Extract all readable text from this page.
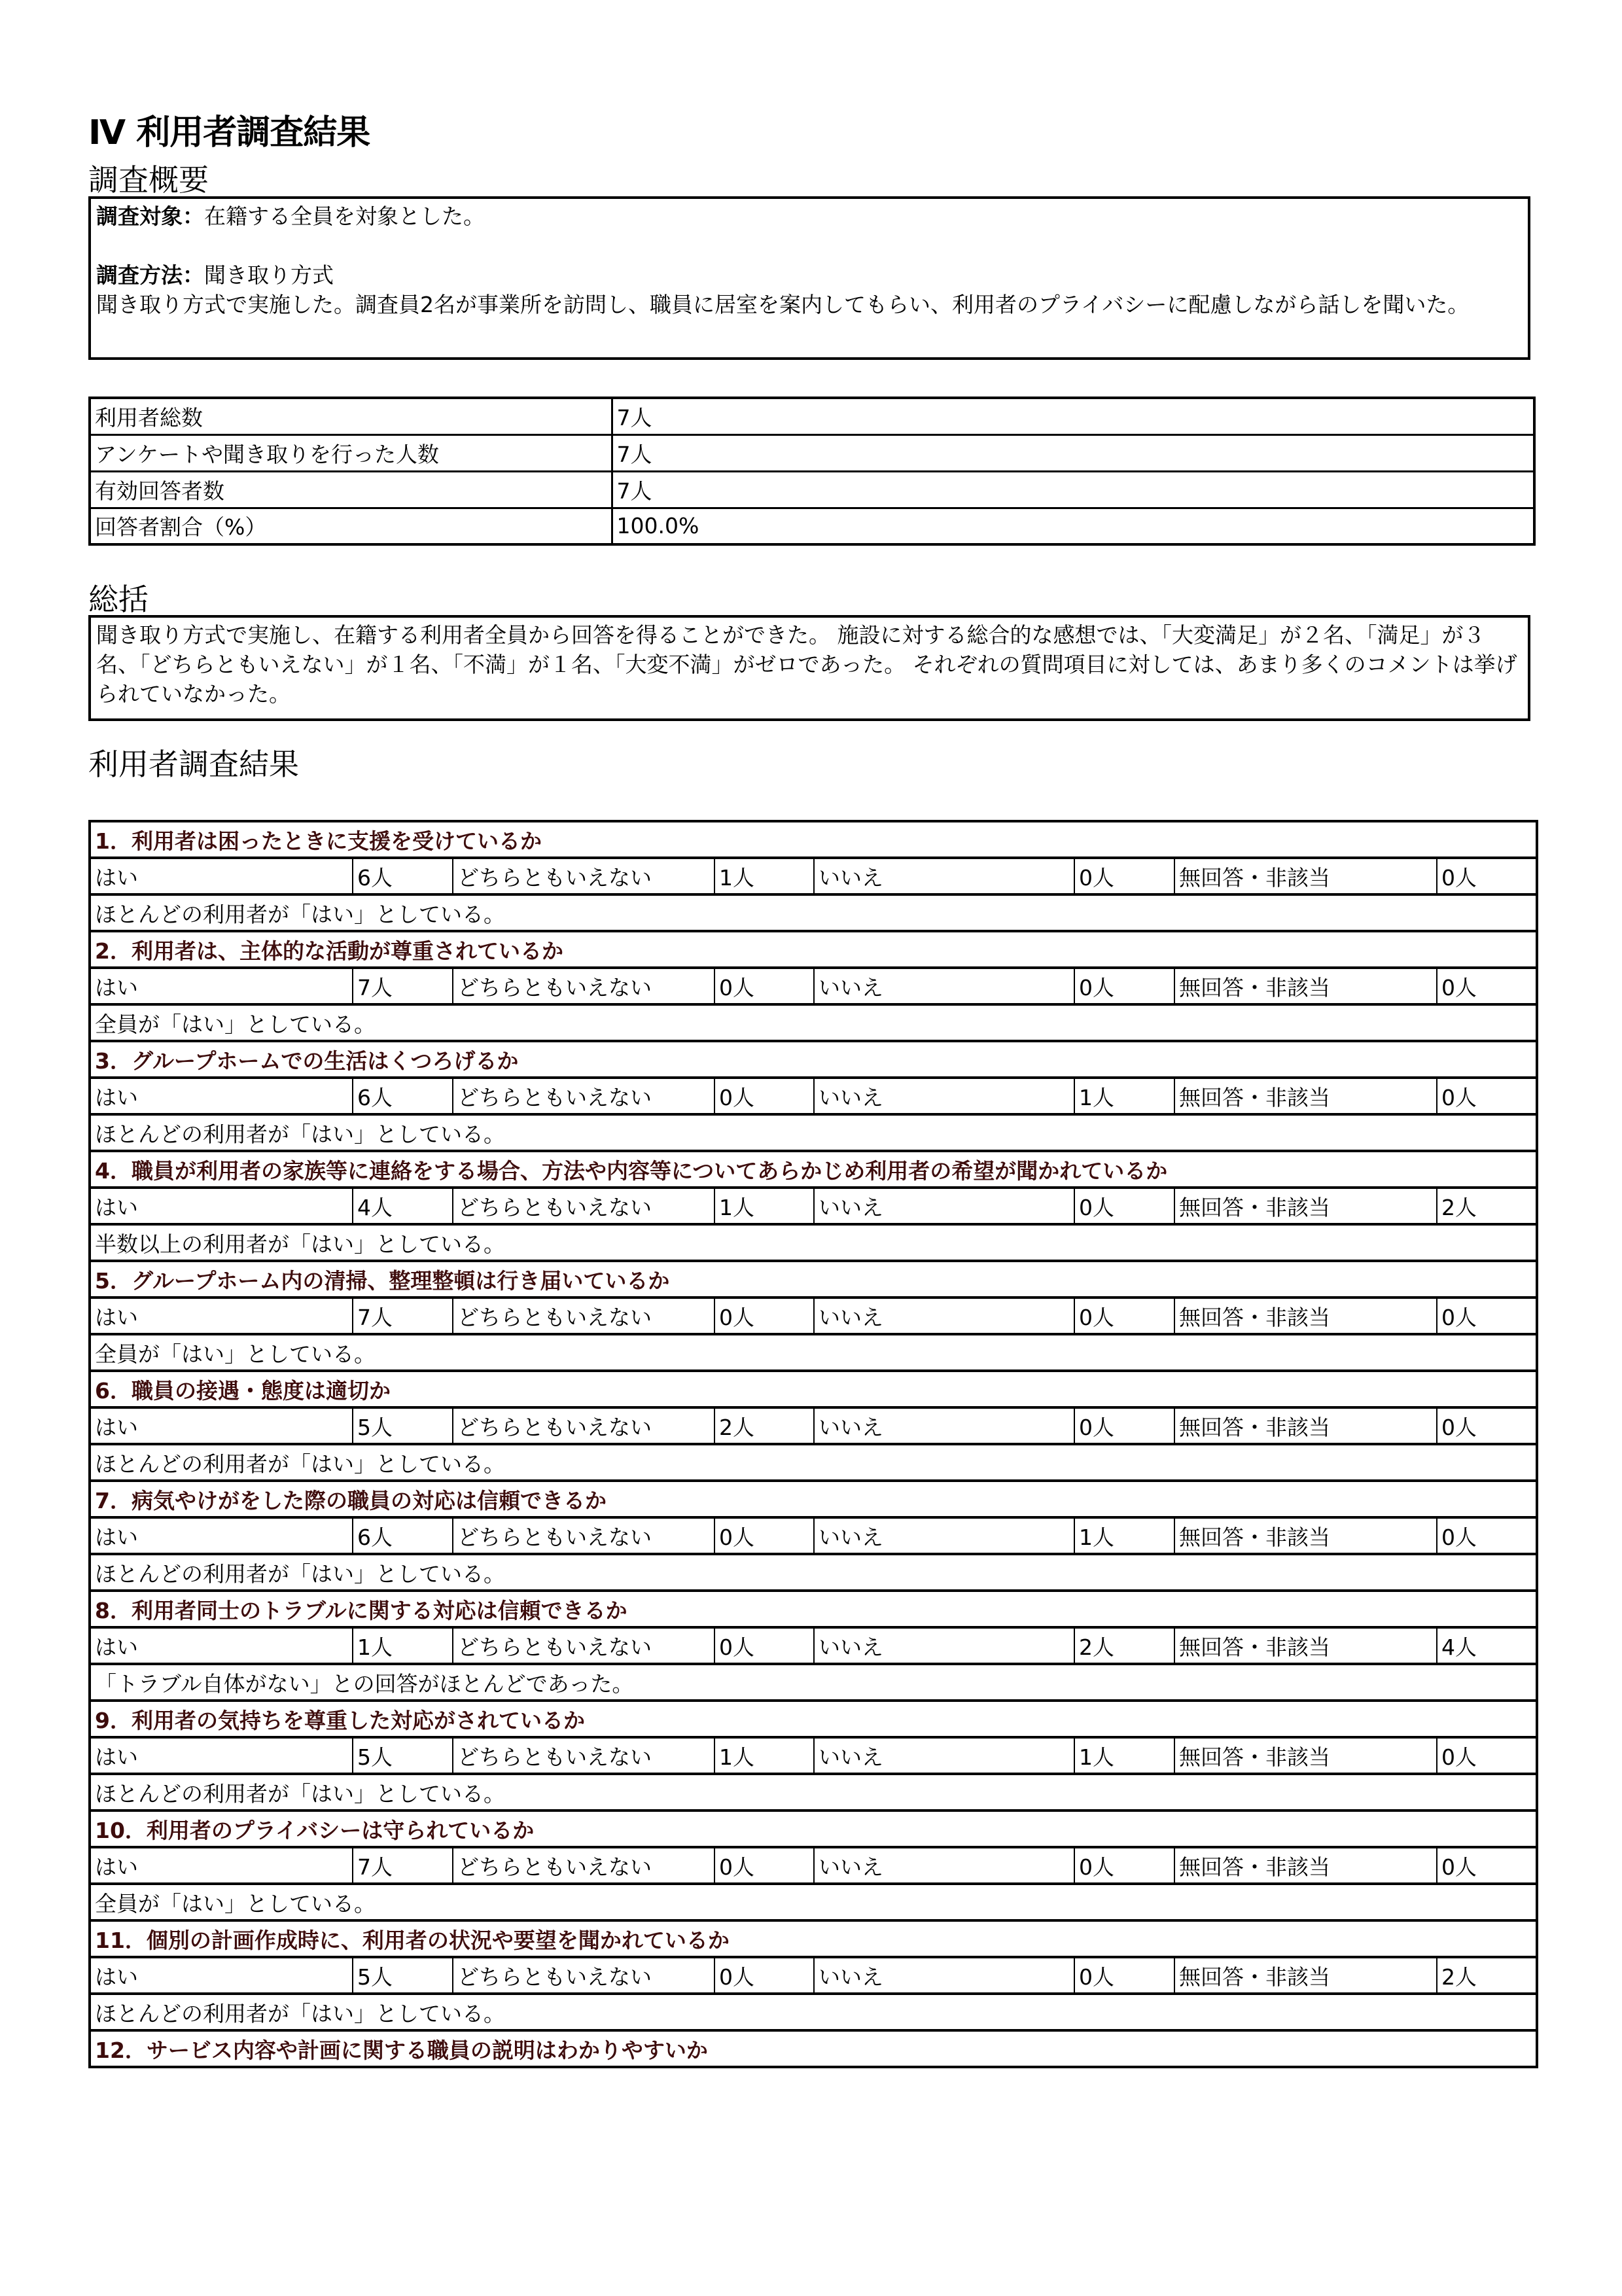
Ⅳ 利用者調査結果
調査概要
調査対象：在籍する全員を対象とした。
調査方法：聞き取り方式
聞き取り方式で実施した。調査員2名が事業所を訪問し、職員に居室を案内してもらい、利用者のプライバシーに配慮しながら話しを聞いた。
利用者総数	7人
アンケートや聞き取りを行った人数	7人
有効回答者数	7人
回答者割合（%）	100.0%
総括
聞き取り方式で実施し、在籍する利用者全員から回答を得ることができた。 施設に対する総合的な感想では、「大変満足」が２名、「満足」が３名、「どちらともいえない」が１名、「不満」が１名、「大変不満」がゼロであった。 それぞれの質問項目に対しては、あまり多くのコメントは挙げられていなかった。
利用者調査結果
1．利用者は困ったときに支援を受けているか							
はい	6人	どちらともいえない	1人	いいえ	0人	無回答・非該当	0人
ほとんどの利用者が「はい」としている。							
2．利用者は、主体的な活動が尊重されているか							
はい	7人	どちらともいえない	0人	いいえ	0人	無回答・非該当	0人
全員が「はい」としている。							
3．グループホームでの生活はくつろげるか							
はい	6人	どちらともいえない	0人	いいえ	1人	無回答・非該当	0人
ほとんどの利用者が「はい」としている。							
4．職員が利用者の家族等に連絡をする場合、方法や内容等についてあらかじめ利用者の希望が聞かれているか							
はい	4人	どちらともいえない	1人	いいえ	0人	無回答・非該当	2人
半数以上の利用者が「はい」としている。							
5．グループホーム内の清掃、整理整頓は行き届いているか							
はい	7人	どちらともいえない	0人	いいえ	0人	無回答・非該当	0人
全員が「はい」としている。							
6．職員の接遇・態度は適切か							
はい	5人	どちらともいえない	2人	いいえ	0人	無回答・非該当	0人
ほとんどの利用者が「はい」としている。							
7．病気やけがをした際の職員の対応は信頼できるか							
はい	6人	どちらともいえない	0人	いいえ	1人	無回答・非該当	0人
ほとんどの利用者が「はい」としている。							
8．利用者同士のトラブルに関する対応は信頼できるか							
はい	1人	どちらともいえない	0人	いいえ	2人	無回答・非該当	4人
「トラブル自体がない」との回答がほとんどであった。							
9．利用者の気持ちを尊重した対応がされているか							
はい	5人	どちらともいえない	1人	いいえ	1人	無回答・非該当	0人
ほとんどの利用者が「はい」としている。							
10．利用者のプライバシーは守られているか							
はい	7人	どちらともいえない	0人	いいえ	0人	無回答・非該当	0人
全員が「はい」としている。							
11．個別の計画作成時に、利用者の状況や要望を聞かれているか							
はい	5人	どちらともいえない	0人	いいえ	0人	無回答・非該当	2人
ほとんどの利用者が「はい」としている。							
12．サービス内容や計画に関する職員の説明はわかりやすいか							
